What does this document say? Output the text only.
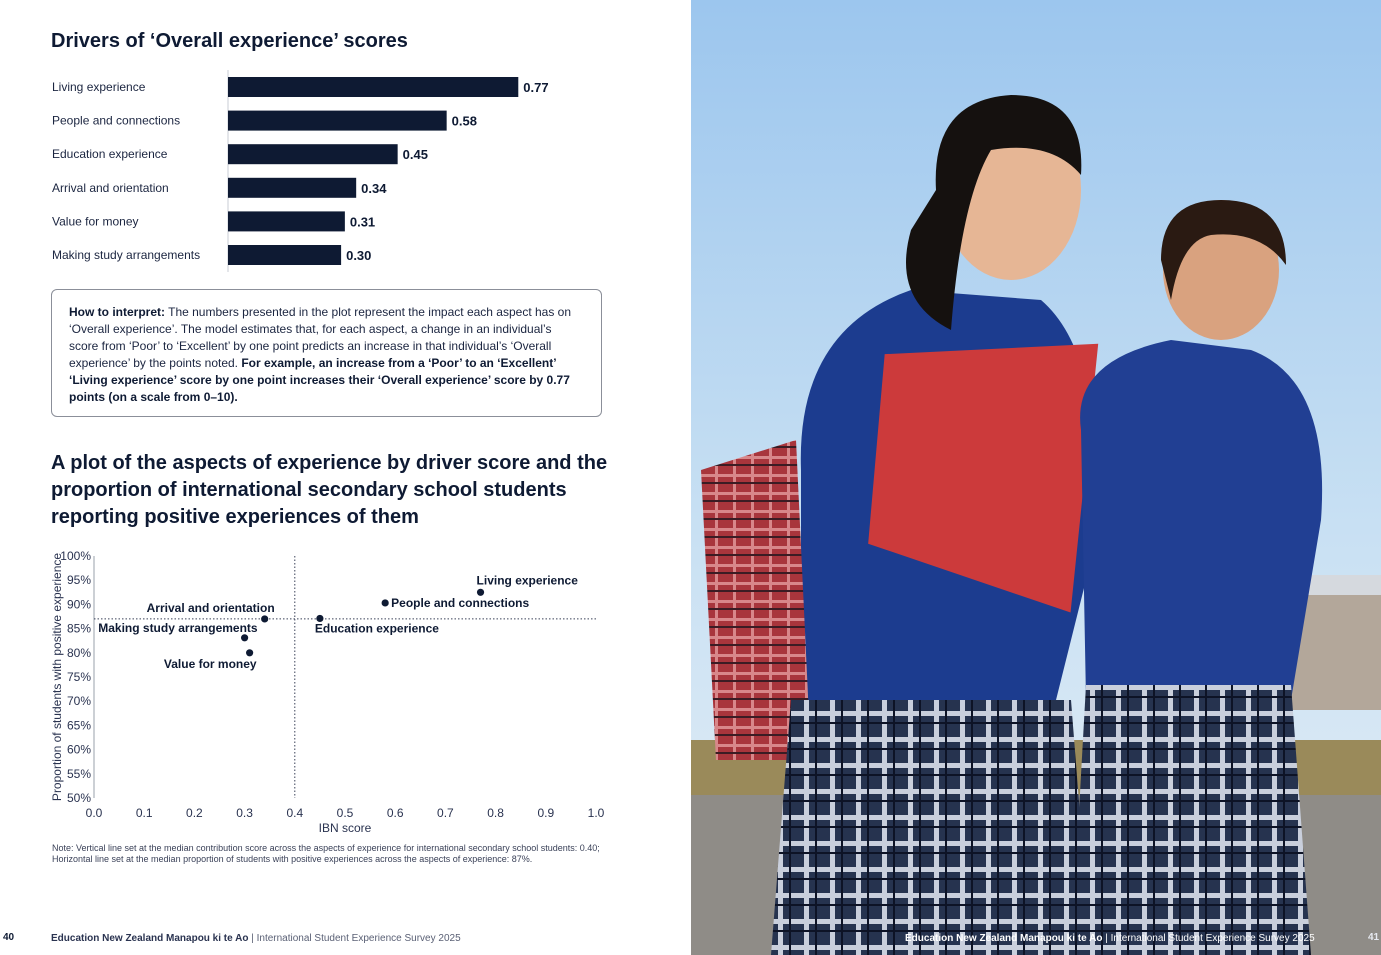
Drivers of ‘Overall experience’ scores
Living experience	0.77
People and connections	0.58
Education experience	0.45
Arrival and orientation	0.34
Value for money	0.31
Making study arrangements	0.30
How to interpret: The numbers presented in the plot represent the impact each aspect has on ‘Overall experience’. The model estimates that, for each aspect, a change in an individual’s score from ‘Poor’ to ‘Excellent’ by one point predicts an increase in that individual’s ‘Overall experience’ by the points noted. For example, an increase from a ‘Poor’ to an ‘Excellent’ ‘Living experience’ score by one point increases their ‘Overall experience’ score by 0.77 points (on a scale from 0–10).
A plot of the aspects of experience by driver score and the proportion of international secondary school students reporting positive experiences of them
50%
55%
60%
65%
70%
75%
80%
85%
90%
95%
100%
0.0	0.1	0.2	0.3	0.4	0.5	0.6	0.7	0.8	0.9	1.0
IBN score
Proportion of students with positive experience	Living experience
People and connections
Education experience
Arrival and orientation
Making study arrangements
Value for money
Note: Vertical line set at the median contribution score across the aspects of experience for international secondary school students: 0.40; Horizontal line set at the median proportion of students with positive experiences across the aspects of experience: 87%.
40	Education New Zealand Manapou ki te Ao | International Student Experience Survey 2025	Education New Zealand Manapou ki te Ao | International Student Experience Survey 2025	41
